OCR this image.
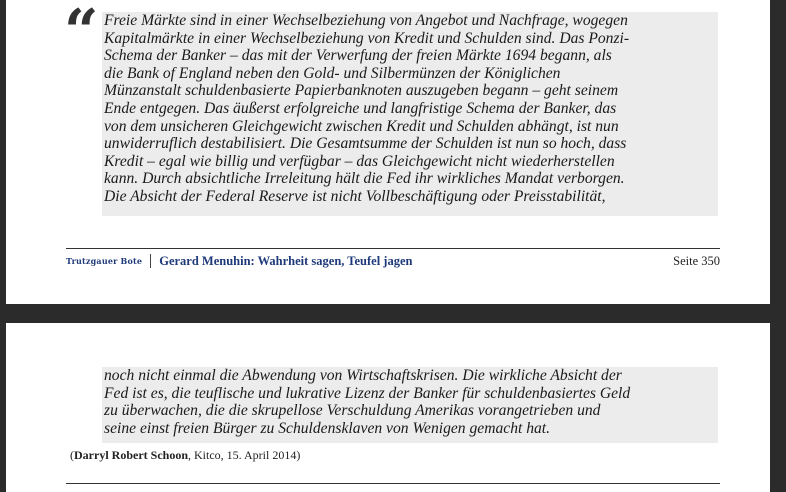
“ Freie Märkte sind in einer Wechselbeziehung von Angebot und Nachfrage, wogegen
Kapitalmärkte in einer Wechselbeziehung von Kredit und Schulden sind. Das Ponzi-
Schema der Banker – das mit der Verwerfung der freien Märkte 1694 begann, als
die Bank of England neben den Gold- und Silbermünzen der Königlichen
Münzanstalt schuldenbasierte Papierbanknoten auszugeben begann – geht seinem
Ende entgegen. Das äußerst erfolgreiche und langfristige Schema der Banker, das
von dem unsicheren Gleichgewicht zwischen Kredit und Schulden abhängt, ist nun
unwiderruflich destabilisiert. Die Gesamtsumme der Schulden ist nun so hoch, dass
Kredit – egal wie billig und verfügbar – das Gleichgewicht nicht wiederherstellen
kann. Durch absichtliche Irreleitung hält die Fed ihr wirkliches Mandat verborgen.
Die Absicht der Federal Reserve ist nicht Vollbeschäftigung oder Preisstabilität,
Trutzgauer Bote Gerard Menuhin: Wahrheit sagen, Teufel jagen	Seite 350
noch nicht einmal die Abwendung von Wirtschaftskrisen. Die wirkliche Absicht der
Fed ist es, die teuflische und lukrative Lizenz der Banker für schuldenbasiertes Geld
zu überwachen, die die skrupellose Verschuldung Amerikas vorangetrieben und
seine einst freien Bürger zu Schuldensklaven von Wenigen gemacht hat.
(Darryl Robert Schoon, Kitco, 15. April 2014)
